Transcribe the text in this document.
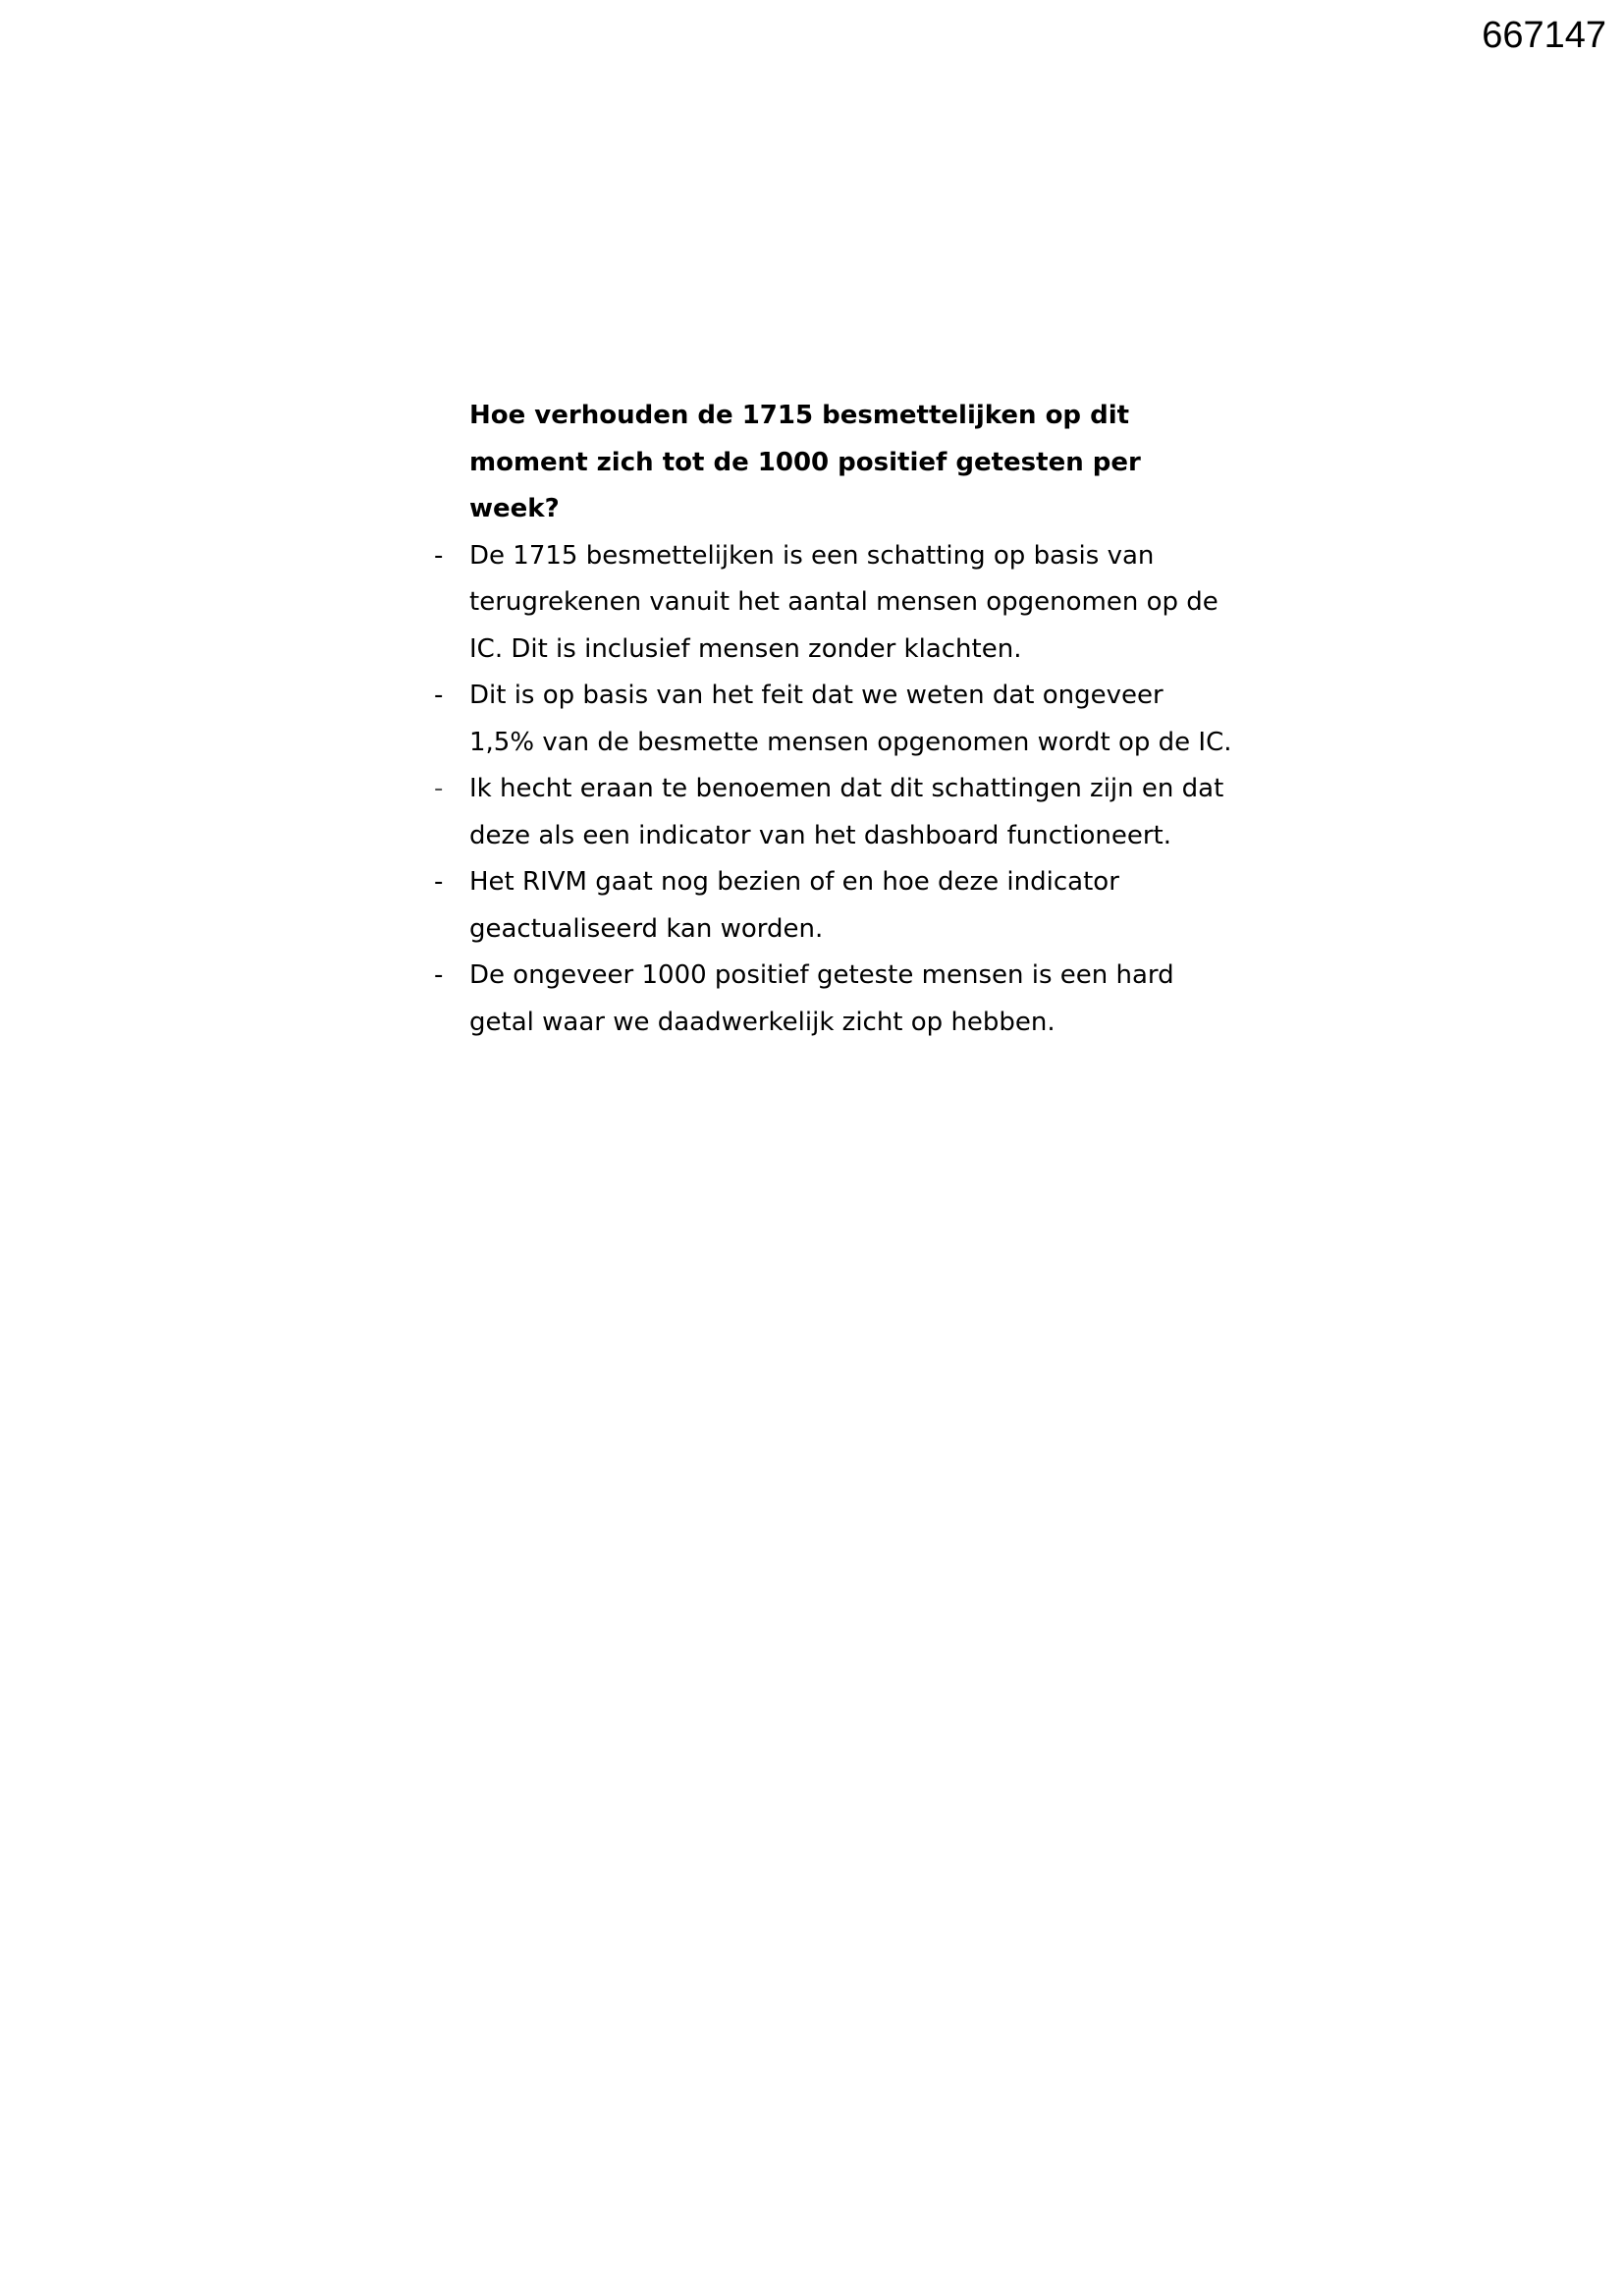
667147

Hoe verhouden de 1715 besmettelijken op dit moment zich tot de 1000 positief getesten per week?

- De 1715 besmettelijken is een schatting op basis van terugrekenen vanuit het aantal mensen opgenomen op de IC. Dit is inclusief mensen zonder klachten.
- Dit is op basis van het feit dat we weten dat ongeveer 1,5% van de besmette mensen opgenomen wordt op de IC.
- Ik hecht eraan te benoemen dat dit schattingen zijn en dat deze als een indicator van het dashboard functioneert.
- Het RIVM gaat nog bezien of en hoe deze indicator geactualiseerd kan worden.
- De ongeveer 1000 positief geteste mensen is een hard getal waar we daadwerkelijk zicht op hebben.
